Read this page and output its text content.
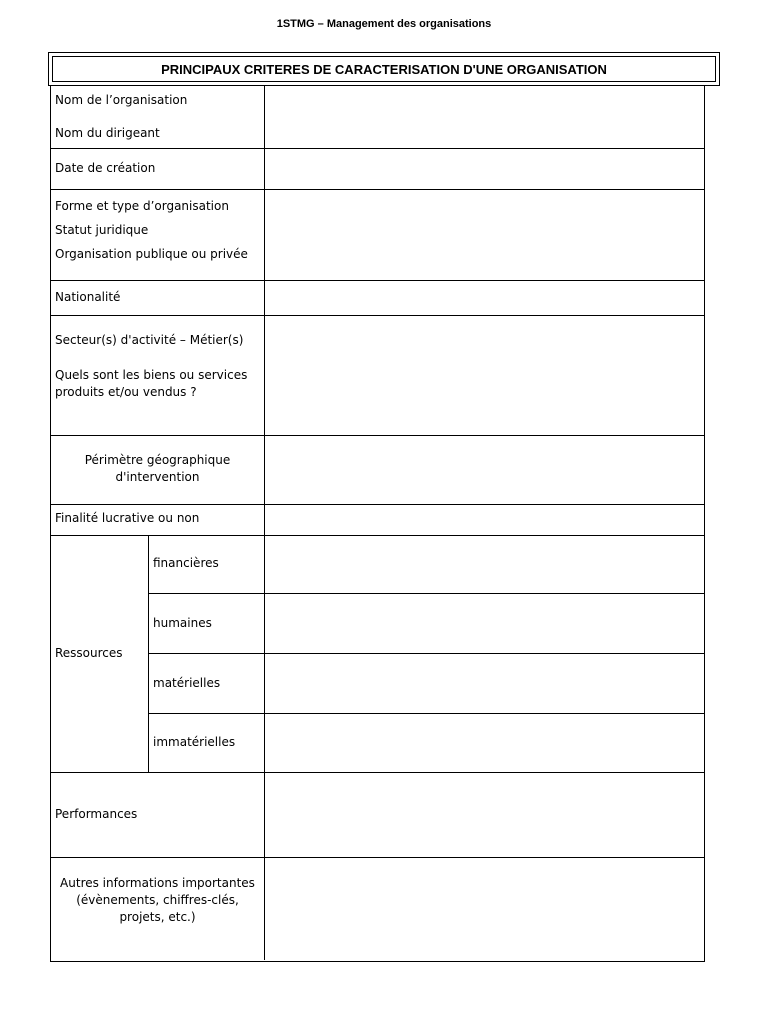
1STMG – Management des organisations
PRINCIPAUX CRITERES DE CARACTERISATION D'UNE ORGANISATION
Nom de l’organisation
Nom du dirigeant
Date de création
Forme et type d’organisation
Statut juridique
Organisation publique ou privée
Nationalité
Secteur(s) d'activité – Métier(s)
Quels sont les biens ou services
produits et/ou vendus ?
Périmètre géographique
d'intervention
Finalité lucrative ou non
Ressources
financières
humaines
matérielles
immatérielles
Performances
Autres informations importantes
(évènements, chiffres-clés,
projets, etc.)
